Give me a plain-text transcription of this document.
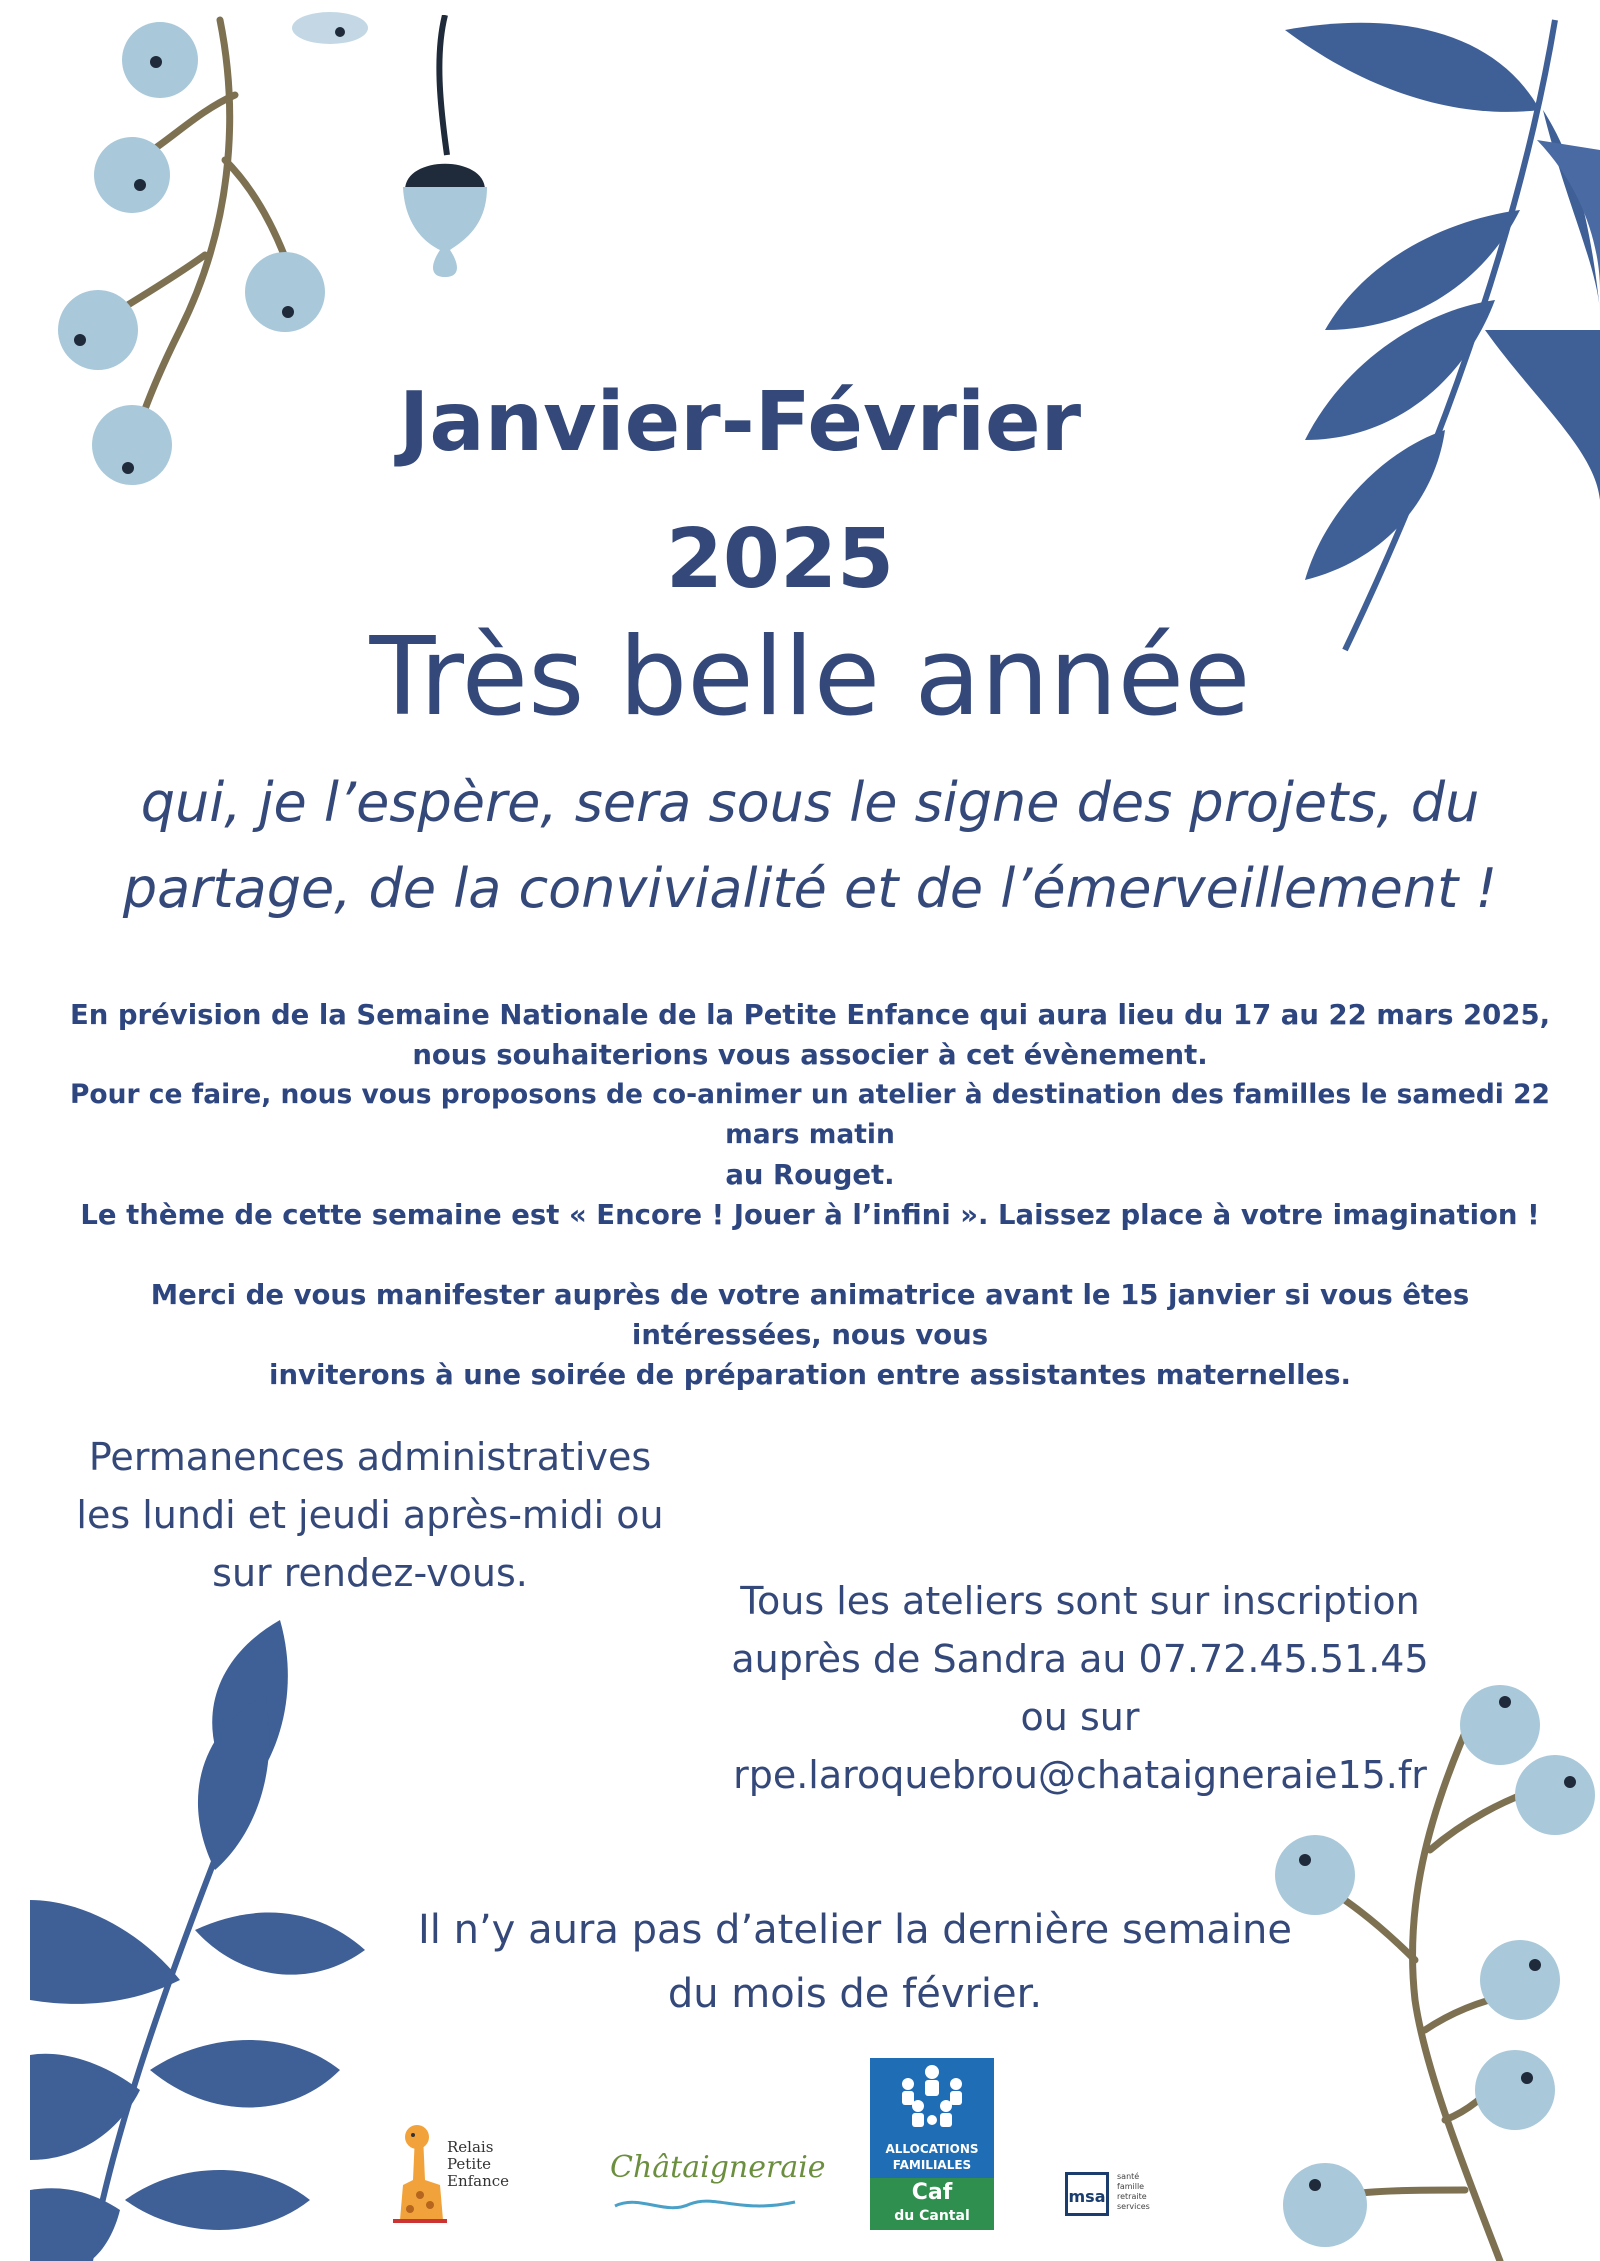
Janvier-Février
2025
Très belle année
qui, je l’espère, sera sous le signe des projets, du
partage, de la convivialité et de l’émerveillement !

En prévision de la Semaine Nationale de la Petite Enfance qui aura lieu du 17 au 22 mars 2025,

nous souhaiterions vous associer à cet évènement.

Pour ce faire, nous vous proposons de co-animer un atelier à destination des familles le samedi 22 mars matin

au Rouget.

Le thème de cette semaine est « Encore ! Jouer à l’infini ». Laissez place à votre imagination !

Merci de vous manifester auprès de votre animatrice avant le 15 janvier si vous êtes intéressées, nous vous

inviterons à une soirée de préparation entre assistantes maternelles.

Permanences administratives
les lundi et jeudi après-midi ou
sur rendez-vous.
Tous les ateliers sont sur inscription
auprès de Sandra au 07.72.45.51.45
ou sur
rpe.laroquebrou@chataigneraie15.fr
Il n’y aura pas d’atelier la dernière semaine
du mois de février.
Relais
Petite
Enfance	Châtaigneraie
ALLOCATIONS
FAMILIALES
Caf
du Cantal
msa
santé
famille
retraite
services
